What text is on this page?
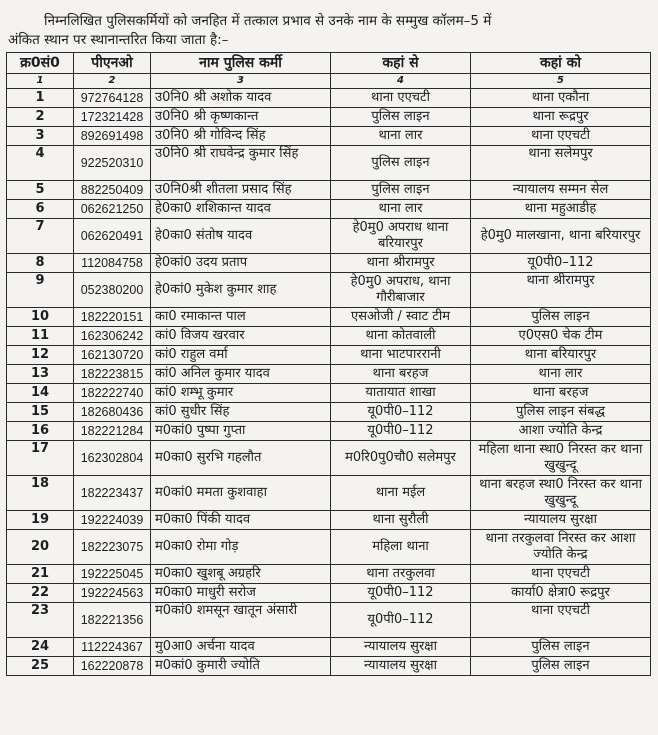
निम्नलिखित पुलिसकर्मियों को जनहित में तत्काल प्रभाव से उनके नाम के सम्मुख कॉलम–5 में
अंकित स्थान पर स्थानान्तरित किया जाता है:–
क्र0सं0	पीएनओ	नाम पुलिस कर्मी	कहां से	कहां को
1	2	3	4	5
1	972764128	उ0नि0 श्री अशोक यादव	थाना एएचटी	थाना एकौना
2	172321428	उ0नि0 श्री कृष्णकान्त	पुलिस लाइन	थाना रूद्रपुर
3	892691498	उ0नि0 श्री गोविन्द सिंह	थाना लार	थाना एएचटी
4	922520310	उ0नि0 श्री राघवेन्द्र कुमार सिंह	पुलिस लाइन	थाना सलेमपुर
5	882250409	उ0नि0श्री शीतला प्रसाद सिंह	पुलिस लाइन	न्यायालय सम्मन सेल
6	062621250	हे0का0 शशिकान्त यादव	थाना लार	थाना महुआडीह
7	062620491	हे0का0 संतोष यादव	हे0मु0 अपराध थाना बरियारपुर	हे0मु0 मालखाना, थाना बरियारपुर
8	112084758	हे0कां0 उदय प्रताप	थाना श्रीरामपुर	यू0पी0–112
9	052380200	हे0कां0 मुकेश कुमार शाह	हे0मु0 अपराध, थाना गौरीबाजार	थाना श्रीरामपुर
10	182220151	का0 रमाकान्त पाल	एसओजी / स्वाट टीम	पुलिस लाइन
11	162306242	कां0 विजय खरवार	थाना कोतवाली	ए0एस0 चेक टीम
12	162130720	कां0 राहुल वर्मा	थाना भाटपाररानी	थाना बरियारपुर
13	182223815	कां0 अनिल कुमार यादव	थाना बरहज	थाना लार
14	182222740	कां0 शम्भू कुमार	यातायात शाखा	थाना बरहज
15	182680436	कां0 सुधीर सिंह	यू0पी0–112	पुलिस लाइन संबद्ध
16	182221284	म0कां0 पुष्पा गुप्ता	यू0पी0–112	आशा ज्योति केन्द्र
17	162302804	म0का0 सुरभि गहलौत	म0रि0पु0चौ0 सलेमपुर	महिला थाना स्था0 निरस्त कर थाना खुखुन्दू
18	182223437	म0कां0 ममता कुशवाहा	थाना मईल	थाना बरहज स्था0 निरस्त कर थाना खुखुन्दू
19	192224039	म0का0 पिंकी यादव	थाना सुरौली	न्यायालय सुरक्षा
20	182223075	म0का0 रोमा गोड़	महिला थाना	थाना तरकुलवा निरस्त कर आशा ज्योति केन्द्र
21	192225045	म0का0 खुशबू अग्रहरि	थाना तरकुलवा	थाना एएचटी
22	192224563	म0का0 माधुरी सरोज	यू0पी0–112	कार्या0 क्षेत्रा0 रूद्रपुर
23	182221356	म0कां0 शमसून खातून अंसारी	यू0पी0–112	थाना एएचटी
24	112224367	मु0आ0 अर्चना यादव	न्यायालय सुरक्षा	पुलिस लाइन
25	162220878	म0कां0 कुमारी ज्योति	न्यायालय सुरक्षा	पुलिस लाइन
